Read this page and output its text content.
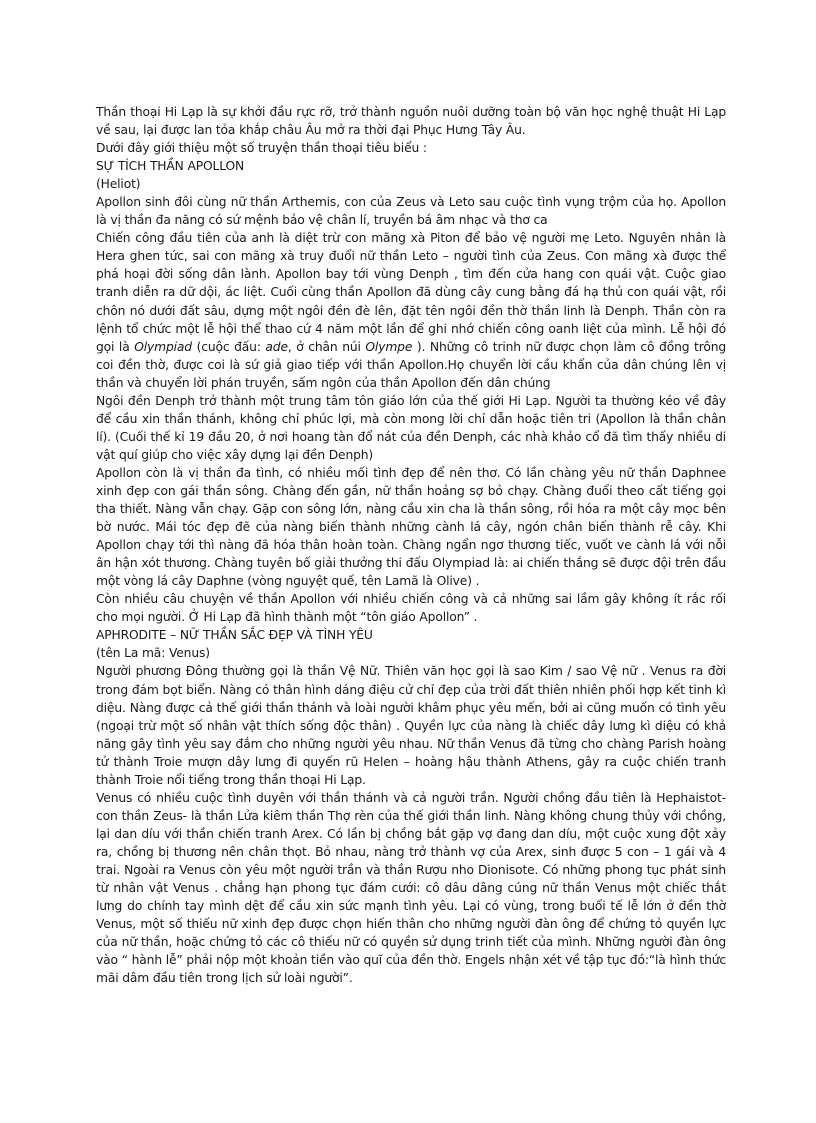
Thần thoại Hi Lạp là sự khởi đầu rực rỡ, trở thành nguồn nuôi dưỡng toàn bộ văn học nghệ thuật Hi Lạp về sau, lại được lan tỏa khắp châu Âu mở ra thời đại Phục Hưng Tây Âu.

Dưới đây giới thiệu một số truyện thần thoại tiêu biểu :

SỰ TÍCH THẦN APOLLON

(Heliot)

Apollon sinh đôi cùng nữ thần Arthemis, con của Zeus và Leto sau cuộc tình vụng trộm của họ. Apollon là vị thần đa năng có sứ mệnh bảo vệ chân lí, truyền bá âm nhạc và thơ ca

Chiến công đầu tiên của anh là diệt trừ con mãng xà Piton để bảo vệ người mẹ Leto. Nguyên nhân là Hera ghen tức, sai con mãng xà truy đuổi nữ thần Leto – người tình của Zeus. Con mãng xà được thể phá hoại đời sống dân lành. Apollon bay tới vùng Denph , tìm đến cửa hang con quái vật. Cuộc giao tranh diễn ra dữ dội, ác liệt. Cuối cùng thần Apollon đã dùng cây cung bằng đá hạ thủ con quái vật, rồi chôn nó dưới đất sâu, dựng một ngôi đền đè lên, đặt tên ngôi đền thờ thần linh là Denph. Thần còn ra lệnh tổ chức một lễ hội thể thao cứ 4 năm một lần để ghi nhớ chiến công oanh liệt của mình. Lễ hội đó gọi là Olympiad (cuộc đấu: ade, ở chân núi Olympe ). Những cô trinh nữ được chọn làm cô đồng trông coi đền thờ, được coi là sứ giả giao tiếp với thần Apollon.Họ chuyển lời cầu khẩn của dân chúng lên vị thần và chuyển lời phán truyền, sấm ngôn của thần Apollon đến dân chúng

Ngôi đền Denph trở thành một trung tâm tôn giáo lớn của thế giới Hi Lạp. Người ta thường kéo về đây để cầu xin thần thánh, không chỉ phúc lợi, mà còn mong lời chỉ dẫn hoặc tiên tri (Apollon là thần chân lí). (Cuối thế kỉ 19 đầu 20, ở nơi hoang tàn đổ nát của đền Denph, các nhà khảo cổ đã tìm thấy nhiều di vật quí giúp cho việc xây dựng lại đền Denph)

Apollon còn là vị thần đa tình, có nhiều mối tình đẹp để nên thơ. Có lần chàng yêu nữ thần Daphnee xinh đẹp con gái thần sông. Chàng đến gần, nữ thần hoảng sợ bỏ chạy. Chàng đuổi theo cất tiếng gọi tha thiết. Nàng vẫn chạy. Gặp con sông lớn, nàng cầu xin cha là thần sông, rồi hóa ra một cây mọc bên bờ nước. Mái tóc đẹp đẽ của nàng biến thành những cành lá cây, ngón chân biến thành rễ cây. Khi Apollon chạy tới thì nàng đã hóa thân hoàn toàn. Chàng ngẩn ngơ thương tiếc, vuốt ve cành lá với nỗi ân hận xót thương. Chàng tuyên bố giải thưởng thi đấu Olympiad là: ai chiến thắng sẽ được đội trên đầu một vòng lá cây Daphne (vòng nguyệt quế, tên Lamã là Olive) .

Còn nhiều câu chuyện về thần Apollon với nhiều chiến công và cả những sai lầm gây không ít rắc rối cho mọi người. Ở Hi Lạp đã hình thành một “tôn giáo Apollon” .

APHRODITE – NỮ THẦN SẮC ĐẸP VÀ TÌNH YÊU

(tên La mã: Venus)

Người phương Đông thường gọi là thần Vệ Nữ. Thiên văn học gọi là sao Kim / sao Vệ nữ . Venus ra đời trong đám bọt biển. Nàng có thân hình dáng điệu cử chỉ đẹp của trời đất thiên nhiên phối hợp kết tinh kì diệu. Nàng được cả thế giới thần thánh và loài người khâm phục yêu mến, bởi ai cũng muốn có tình yêu (ngoại trừ một số nhân vật thích sống độc thân) . Quyền lực của nàng là chiếc dây lưng kì diệu có khả năng gây tình yêu say đắm cho những người yêu nhau. Nữ thần Venus đã từng cho chàng Parish hoàng tử thành Troie mượn dây lưng đi quyến rũ Helen – hoàng hậu thành Athens, gây ra cuộc chiến tranh thành Troie nổi tiếng trong thần thoại Hi Lạp.

Venus có nhiều cuộc tình duyên với thần thánh và cả người trần. Người chồng đầu tiên là Hephaistot- con thần Zeus- là thần Lửa kiêm thần Thợ rèn của thế giới thần linh. Nàng không chung thủy với chồng, lại dan díu với thần chiến tranh Arex. Có lần bị chồng bắt gặp vợ đang dan díu, một cuộc xung đột xảy ra, chồng bị thương nên chân thọt. Bỏ nhau, nàng trở thành vợ của Arex, sinh được 5 con – 1 gái và 4 trai. Ngoài ra Venus còn yêu một người trần và thần Rượu nho Dionisote. Có những phong tục phát sinh từ nhân vật Venus . chẳng hạn phong tục đám cưới: cô dâu dâng cúng nữ thần Venus một chiếc thắt lưng do chính tay mình dệt để cầu xin sức mạnh tình yêu. Lại có vùng, trong buổi tế lễ lớn ở đền thờ Venus, một số thiếu nữ xinh đẹp được chọn hiến thân cho những người đàn ông để chứng tỏ quyền lực của nữ thần, hoặc chứng tỏ các cô thiếu nữ có quyền sử dụng trinh tiết của mình. Những người đàn ông vào “ hành lễ” phải nộp một khoản tiền vào quĩ của đền thờ. Engels nhận xét về tập tục đó:“là hình thức mãi dâm đầu tiên trong lịch sử loài người”.
